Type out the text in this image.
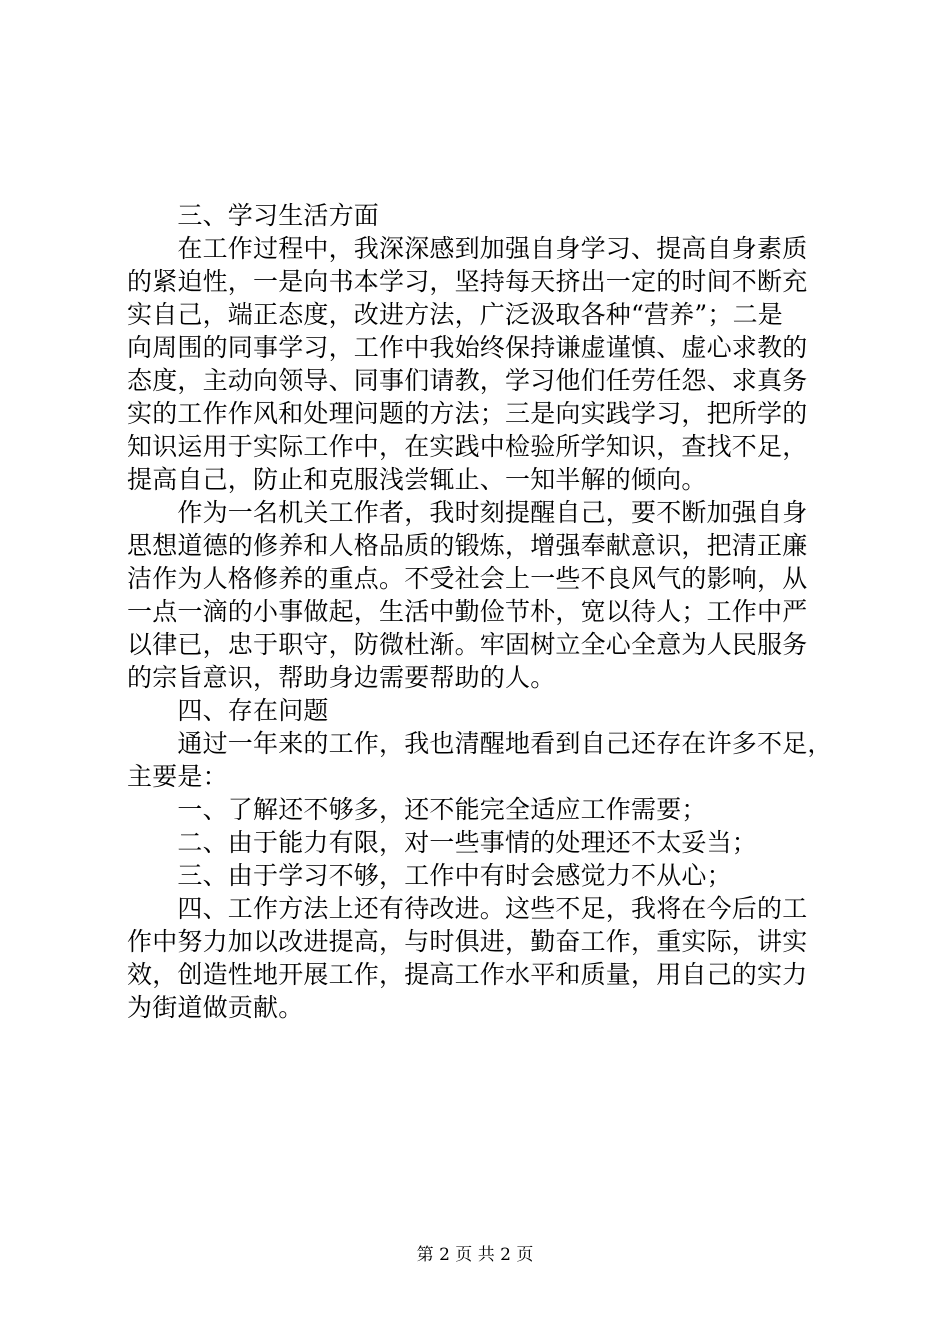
　　三、学习生活方面
　　在工作过程中，我深深感到加强自身学习、提高自身素质
的紧迫性，一是向书本学习，坚持每天挤出一定的时间不断充
实自己，端正态度，改进方法，广泛汲取各种“营养”；二是
向周围的同事学习，工作中我始终保持谦虚谨慎、虚心求教的
态度，主动向领导、同事们请教，学习他们任劳任怨、求真务
实的工作作风和处理问题的方法；三是向实践学习，把所学的
知识运用于实际工作中，在实践中检验所学知识，查找不足，
提高自己，防止和克服浅尝辄止、一知半解的倾向。
　　作为一名机关工作者，我时刻提醒自己，要不断加强自身
思想道德的修养和人格品质的锻炼，增强奉献意识，把清正廉
洁作为人格修养的重点。不受社会上一些不良风气的影响，从
一点一滴的小事做起，生活中勤俭节朴，宽以待人；工作中严
以律已，忠于职守，防微杜渐。牢固树立全心全意为人民服务
的宗旨意识，帮助身边需要帮助的人。
　　四、存在问题
　　通过一年来的工作，我也清醒地看到自己还存在许多不足，
主要是：
　　一、了解还不够多，还不能完全适应工作需要；
　　二、由于能力有限，对一些事情的处理还不太妥当；
　　三、由于学习不够，工作中有时会感觉力不从心；
　　四、工作方法上还有待改进。这些不足，我将在今后的工
作中努力加以改进提高，与时俱进，勤奋工作，重实际，讲实
效，创造性地开展工作，提高工作水平和质量，用自己的实力
为街道做贡献。
第 2 页 共 2 页
